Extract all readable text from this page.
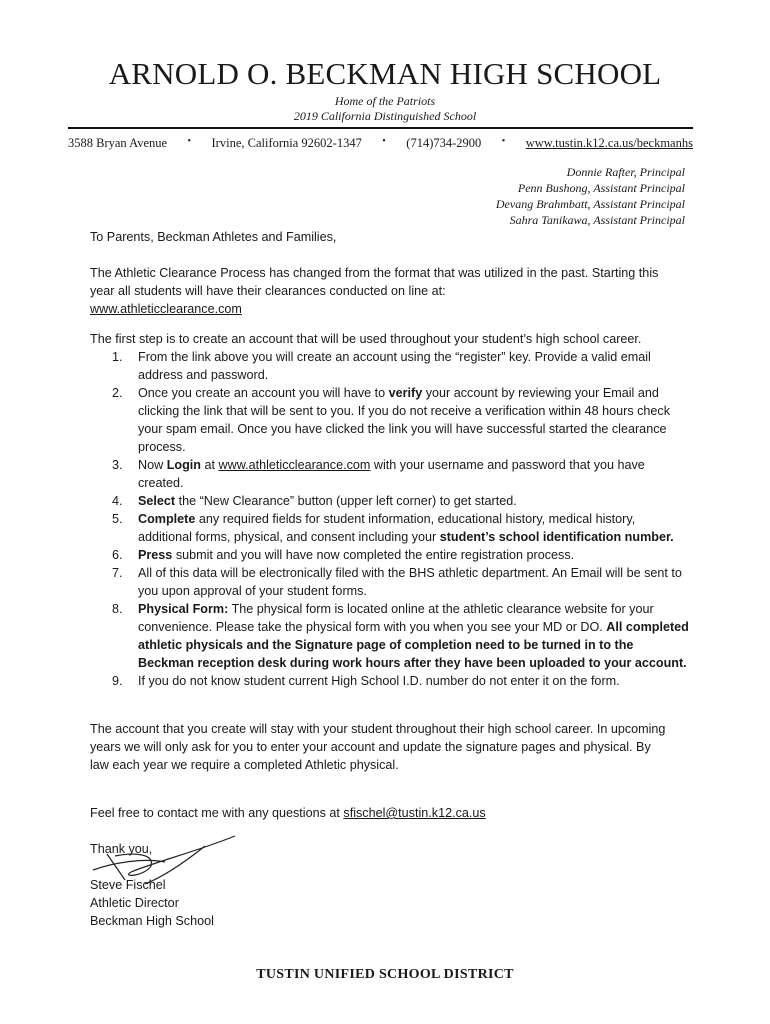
ARNOLD O. BECKMAN HIGH SCHOOL
Home of the Patriots
2019 California Distinguished School
3588 Bryan Avenue • Irvine, California 92602-1347 • (714)734-2900 • www.tustin.k12.ca.us/beckmanhs
Donnie Rafter, Principal
Penn Bushong, Assistant Principal
Devang Brahmbatt, Assistant Principal
Sahra Tanikawa, Assistant Principal
To Parents, Beckman Athletes and Families,
The Athletic Clearance Process has changed from the format that was utilized in the past. Starting this year all students will have their clearances conducted on line at:
www.athleticclearance.com
The first step is to create an account that will be used throughout your student’s high school career.
1. From the link above you will create an account using the “register” key. Provide a valid email address and password.
2. Once you create an account you will have to verify your account by reviewing your Email and clicking the link that will be sent to you. If you do not receive a verification within 48 hours check your spam email. Once you have clicked the link you will have successful started the clearance process.
3. Now Login at www.athleticclearance.com with your username and password that you have created.
4. Select the “New Clearance” button (upper left corner) to get started.
5. Complete any required fields for student information, educational history, medical history, additional forms, physical, and consent including your student’s school identification number.
6. Press submit and you will have now completed the entire registration process.
7. All of this data will be electronically filed with the BHS athletic department. An Email will be sent to you upon approval of your student forms.
8. Physical Form: The physical form is located online at the athletic clearance website for your convenience. Please take the physical form with you when you see your MD or DO. All completed athletic physicals and the Signature page of completion need to be turned in to the Beckman reception desk during work hours after they have been uploaded to your account.
9. If you do not know student current High School I.D. number do not enter it on the form.
The account that you create will stay with your student throughout their high school career. In upcoming years we will only ask for you to enter your account and update the signature pages and physical. By law each year we require a completed Athletic physical.
Feel free to contact me with any questions at sfischel@tustin.k12.ca.us
Thank you,
Steve Fischel
Athletic Director
Beckman High School
TUSTIN UNIFIED SCHOOL DISTRICT
